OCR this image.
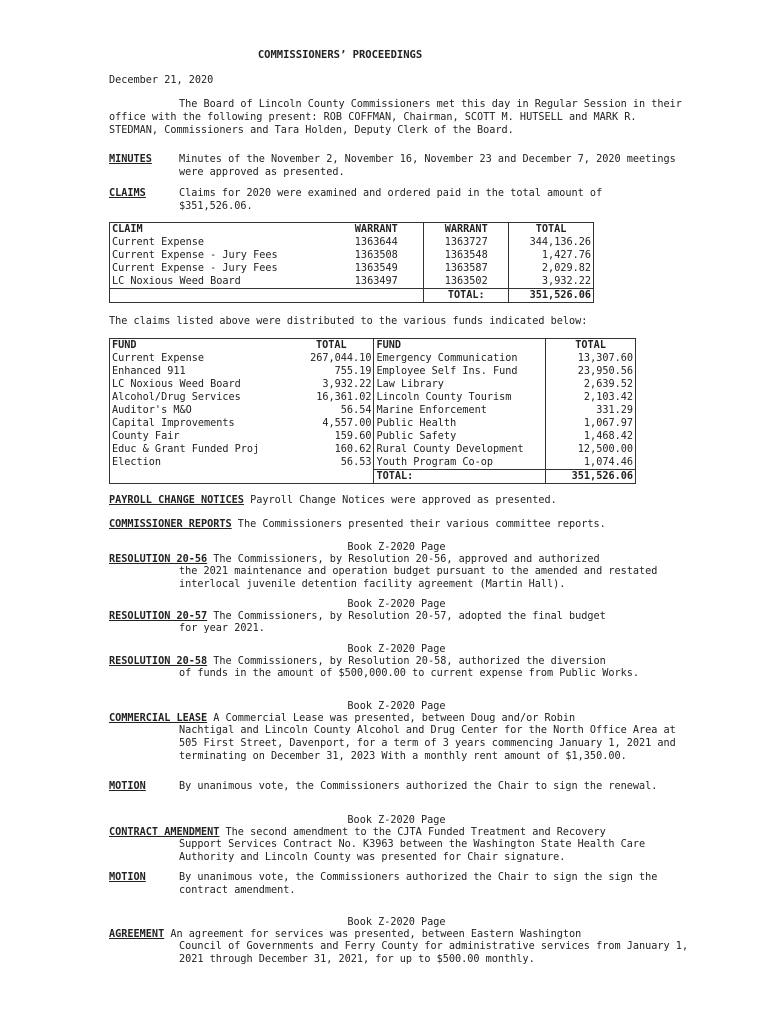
COMMISSIONERS’ PROCEEDINGS
December 21, 2020
The Board of Lincoln County Commissioners met this day in Regular Session in their office with the following present: ROB COFFMAN, Chairman, SCOTT M. HUTSELL and MARK R. STEDMAN, Commissioners and Tara Holden, Deputy Clerk of the Board.
MINUTES	Minutes of the November 2, November 16, November 23 and December 7, 2020 meetings were approved as presented.
CLAIMS	Claims for 2020 were examined and ordered paid in the total amount of $351,526.06.
CLAIM	WARRANT	WARRANT	TOTAL
Current Expense	1363644	1363727	344,136.26
Current Expense - Jury Fees	1363508	1363548	1,427.76
Current Expense - Jury Fees	1363549	1363587	2,029.82
LC Noxious Weed Board	1363497	1363502	3,932.22
		TOTAL:	351,526.06
The claims listed above were distributed to the various funds indicated below:
FUND	TOTAL	FUND	TOTAL
Current Expense	267,044.10	Emergency Communication	13,307.60
Enhanced 911	755.19	Employee Self Ins. Fund	23,950.56
LC Noxious Weed Board	3,932.22	Law Library	2,639.52
Alcohol/Drug Services	16,361.02	Lincoln County Tourism	2,103.42
Auditor's M&O	56.54	Marine Enforcement	331.29
Capital Improvements	4,557.00	Public Health	1,067.97
County Fair	159.60	Public Safety	1,468.42
Educ & Grant Funded Proj	160.62	Rural County Development	12,500.00
Election	56.53	Youth Program Co-op	1,074.46
		TOTAL:	351,526.06
PAYROLL CHANGE NOTICES Payroll Change Notices were approved as presented.
COMMISSIONER REPORTS The Commissioners presented their various committee reports.
Book Z-2020 Page
RESOLUTION 20-56 The Commissioners, by Resolution 20-56, approved and authorized
the 2021 maintenance and operation budget pursuant to the amended and restated interlocal juvenile detention facility agreement (Martin Hall).
Book Z-2020 Page
RESOLUTION 20-57 The Commissioners, by Resolution 20-57, adopted the final budget
for year 2021.
Book Z-2020 Page
RESOLUTION 20-58 The Commissioners, by Resolution 20-58, authorized the diversion
of funds in the amount of $500,000.00 to current expense from Public Works.
Book Z-2020 Page
COMMERCIAL LEASE A Commercial Lease was presented, between Doug and/or Robin
Nachtigal and Lincoln County Alcohol and Drug Center for the North Office Area at 505 First Street, Davenport, for a term of 3 years commencing January 1, 2021 and terminating on December 31, 2023 With a monthly rent amount of $1,350.00.
MOTION	By unanimous vote, the Commissioners authorized the Chair to sign the renewal.
Book Z-2020 Page
CONTRACT AMENDMENT The second amendment to the CJTA Funded Treatment and Recovery
Support Services Contract No. K3963 between the Washington State Health Care Authority and Lincoln County was presented for Chair signature.
MOTION	By unanimous vote, the Commissioners authorized the Chair to sign the sign the contract amendment.
Book Z-2020 Page
AGREEMENT An agreement for services was presented, between Eastern Washington
Council of Governments and Ferry County for administrative services from January 1, 2021 through December 31, 2021, for up to $500.00 monthly.
